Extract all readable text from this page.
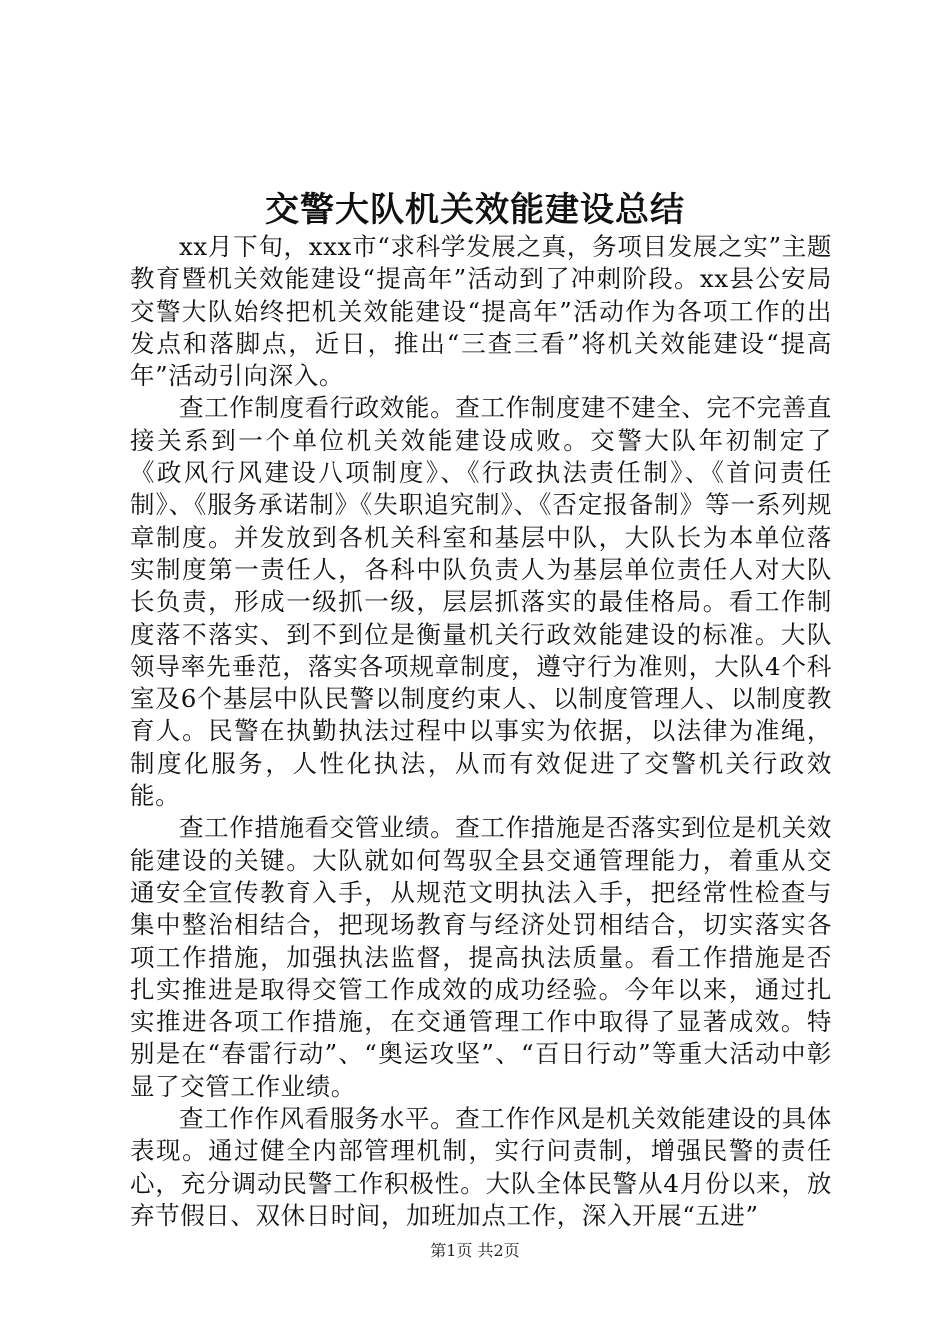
交警大队机关效能建设总结

xx月下旬，xxx市“求科学发展之真，务项目发展之实”主题教育暨机关效能建设“提高年”活动到了冲刺阶段。xx县公安局交警大队始终把机关效能建设“提高年”活动作为各项工作的出发点和落脚点，近日，推出“三查三看”将机关效能建设“提高年”活动引向深入。

查工作制度看行政效能。查工作制度建不建全、完不完善直接关系到一个单位机关效能建设成败。交警大队年初制定了《政风行风建设八项制度》、《行政执法责任制》、《首问责任制》、《服务承诺制》《失职追究制》、《否定报备制》等一系列规章制度。并发放到各机关科室和基层中队，大队长为本单位落实制度第一责任人，各科中队负责人为基层单位责任人对大队长负责，形成一级抓一级，层层抓落实的最佳格局。看工作制度落不落实、到不到位是衡量机关行政效能建设的标准。大队领导率先垂范，落实各项规章制度，遵守行为准则，大队4个科室及6个基层中队民警以制度约束人、以制度管理人、以制度教育人。民警在执勤执法过程中以事实为依据，以法律为准绳，制度化服务，人性化执法，从而有效促进了交警机关行政效能。

查工作措施看交管业绩。查工作措施是否落实到位是机关效能建设的关键。大队就如何驾驭全县交通管理能力，着重从交通安全宣传教育入手，从规范文明执法入手，把经常性检查与集中整治相结合，把现场教育与经济处罚相结合，切实落实各项工作措施，加强执法监督，提高执法质量。看工作措施是否扎实推进是取得交管工作成效的成功经验。今年以来，通过扎实推进各项工作措施，在交通管理工作中取得了显著成效。特别是在“春雷行动”、“奥运攻坚”、“百日行动”等重大活动中彰显了交管工作业绩。

查工作作风看服务水平。查工作作风是机关效能建设的具体表现。通过健全内部管理机制，实行问责制，增强民警的责任心，充分调动民警工作积极性。大队全体民警从4月份以来，放弃节假日、双休日时间，加班加点工作，深入开展“五进”

第1页 共2页
